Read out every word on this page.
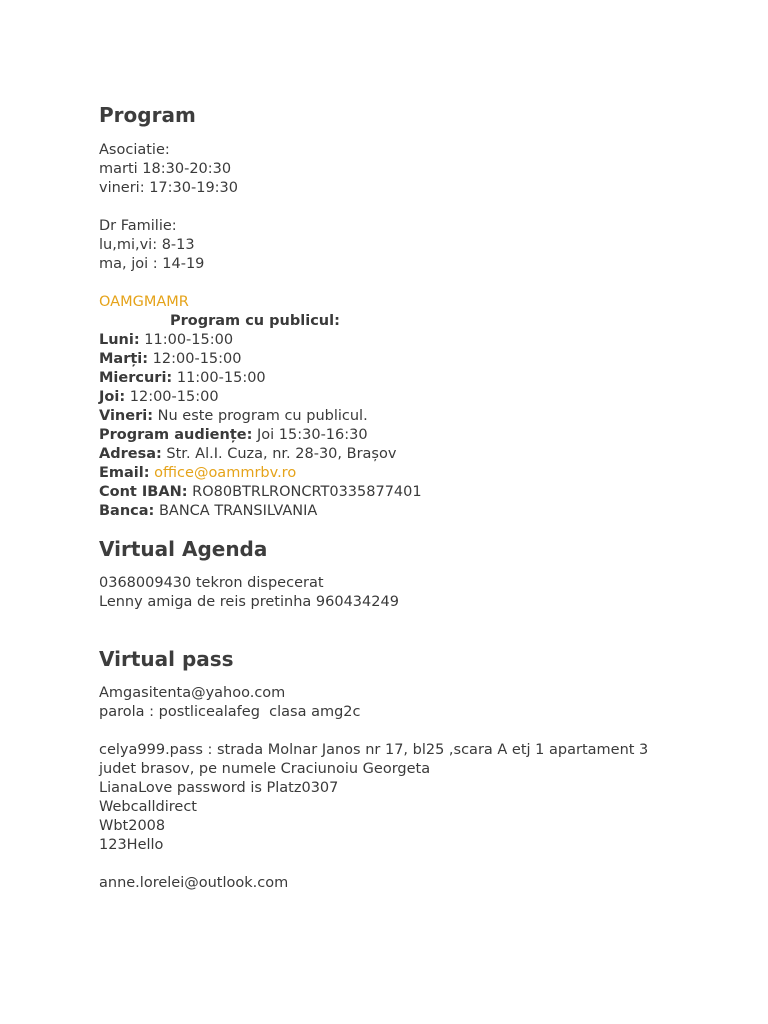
Program
Asociatie:
marti 18:30-20:30
vineri: 17:30-19:30
Dr Familie:
lu,mi,vi: 8-13
ma, joi : 14-19
OAMGMAMR
Program cu publicul:
Luni: 11:00-15:00
Marți: 12:00-15:00
Miercuri: 11:00-15:00
Joi: 12:00-15:00
Vineri: Nu este program cu publicul.
Program audiențe: Joi 15:30-16:30
Adresa: Str. Al.I. Cuza, nr. 28-30, Brașov
Email: office@oammrbv.ro
Cont IBAN: RO80BTRLRONCRT0335877401
Banca: BANCA TRANSILVANIA
Virtual Agenda
0368009430 tekron dispecerat
Lenny amiga de reis pretinha 960434249
Virtual pass
Amgasitenta@yahoo.com
parola : postlicealafeg  clasa amg2c
celya999.pass : strada Molnar Janos nr 17, bl25 ,scara A etj 1 apartament 3
judet brasov, pe numele Craciunoiu Georgeta
LianaLove password is Platz0307
Webcalldirect
Wbt2008
123Hello
anne.lorelei@outlook.com
